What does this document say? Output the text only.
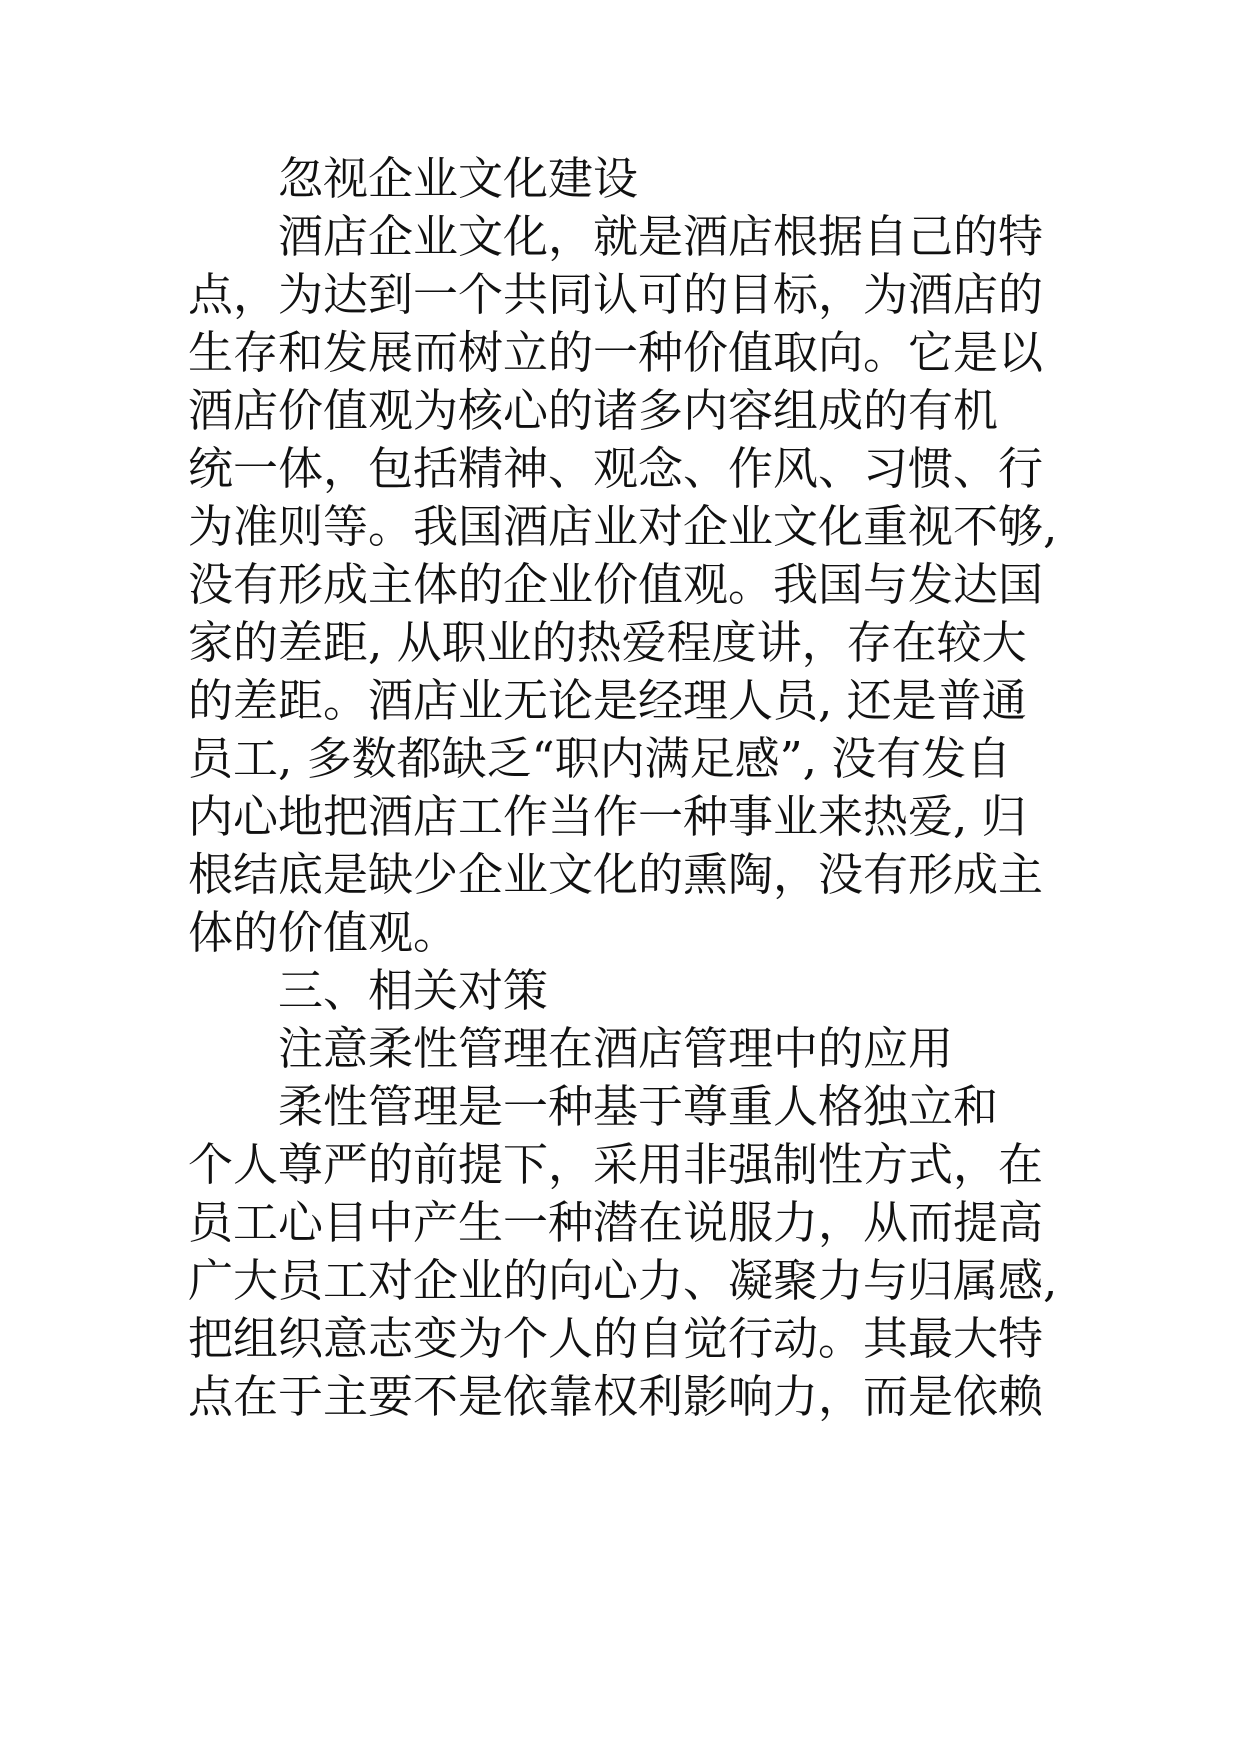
忽视企业文化建设
酒店企业文化，就是酒店根据自己的特
点，为达到一个共同认可的目标，为酒店的
生存和发展而树立的一种价值取向。它是以
酒店价值观为核心的诸多内容组成的有机
统一体，包括精神、观念、作风、习惯、行
为准则等。我国酒店业对企业文化重视不够,
没有形成主体的企业价值观。我国与发达国
家的差距, 从职业的热爱程度讲，存在较大
的差距。酒店业无论是经理人员, 还是普通
员工, 多数都缺乏“职内满足感”, 没有发自
内心地把酒店工作当作一种事业来热爱, 归
根结底是缺少企业文化的熏陶，没有形成主
体的价值观。
三、相关对策
注意柔性管理在酒店管理中的应用
柔性管理是一种基于尊重人格独立和
个人尊严的前提下，采用非强制性方式，在
员工心目中产生一种潜在说服力，从而提高
广大员工对企业的向心力、凝聚力与归属感,
把组织意志变为个人的自觉行动。其最大特
点在于主要不是依靠权利影响力，而是依赖
